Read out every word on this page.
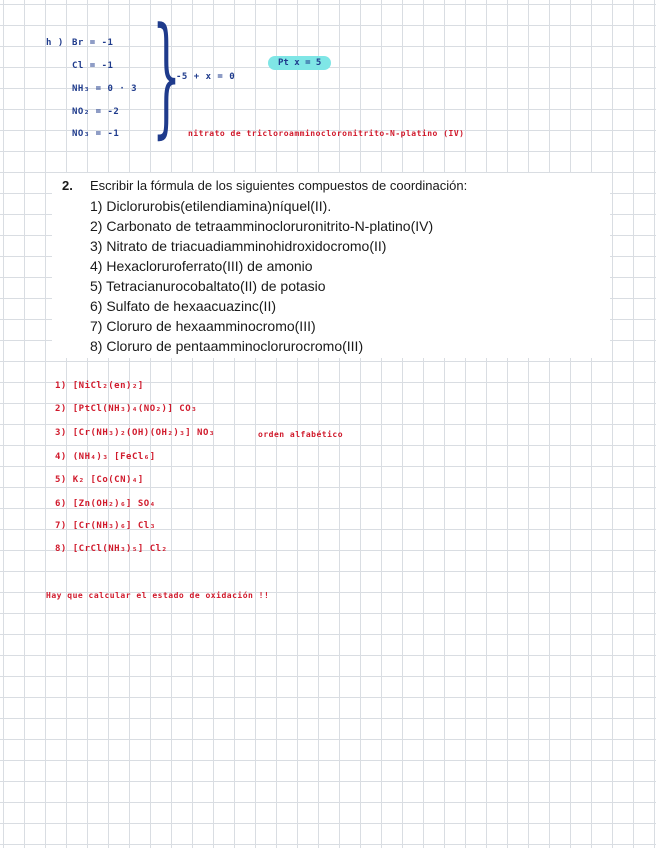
h ) Br = -1
Cl = -1
NH₃ = 0 · 3
NO₂ = -2
NO₃ = -1 }
-5 + x = 0
Pt x = 5
nitrato de tricloroamminocloronitrito-N-platino (IV)
2. Escribir la fórmula de los siguientes compuestos de coordinación:
1) Diclorurobis(etilendiamina)níquel(II).
2) Carbonato de tetraamminocloruronitrito-N-platino(IV)
3) Nitrato de triacuadiamminohidroxidocromo(II)
4) Hexacloruroferrato(III) de amonio
5) Tetracianurocobaltato(II) de potasio
6) Sulfato de hexaacuazinc(II)
7) Cloruro de hexaamminocromo(III)
8) Cloruro de pentaamminoclorurocromo(III)
1) [NiCl₂(en)₂]
2) [PtCl(NH₃)₄(NO₂)] CO₃
3) [Cr(NH₃)₂(OH)(OH₂)₃] NO₃	orden alfabético
4) (NH₄)₃ [FeCl₆]
5) K₂ [Co(CN)₄]
6) [Zn(OH₂)₆] SO₄
7) [Cr(NH₃)₆] Cl₃
8) [CrCl(NH₃)₅] Cl₂
Hay que calcular el estado de oxidación !!
